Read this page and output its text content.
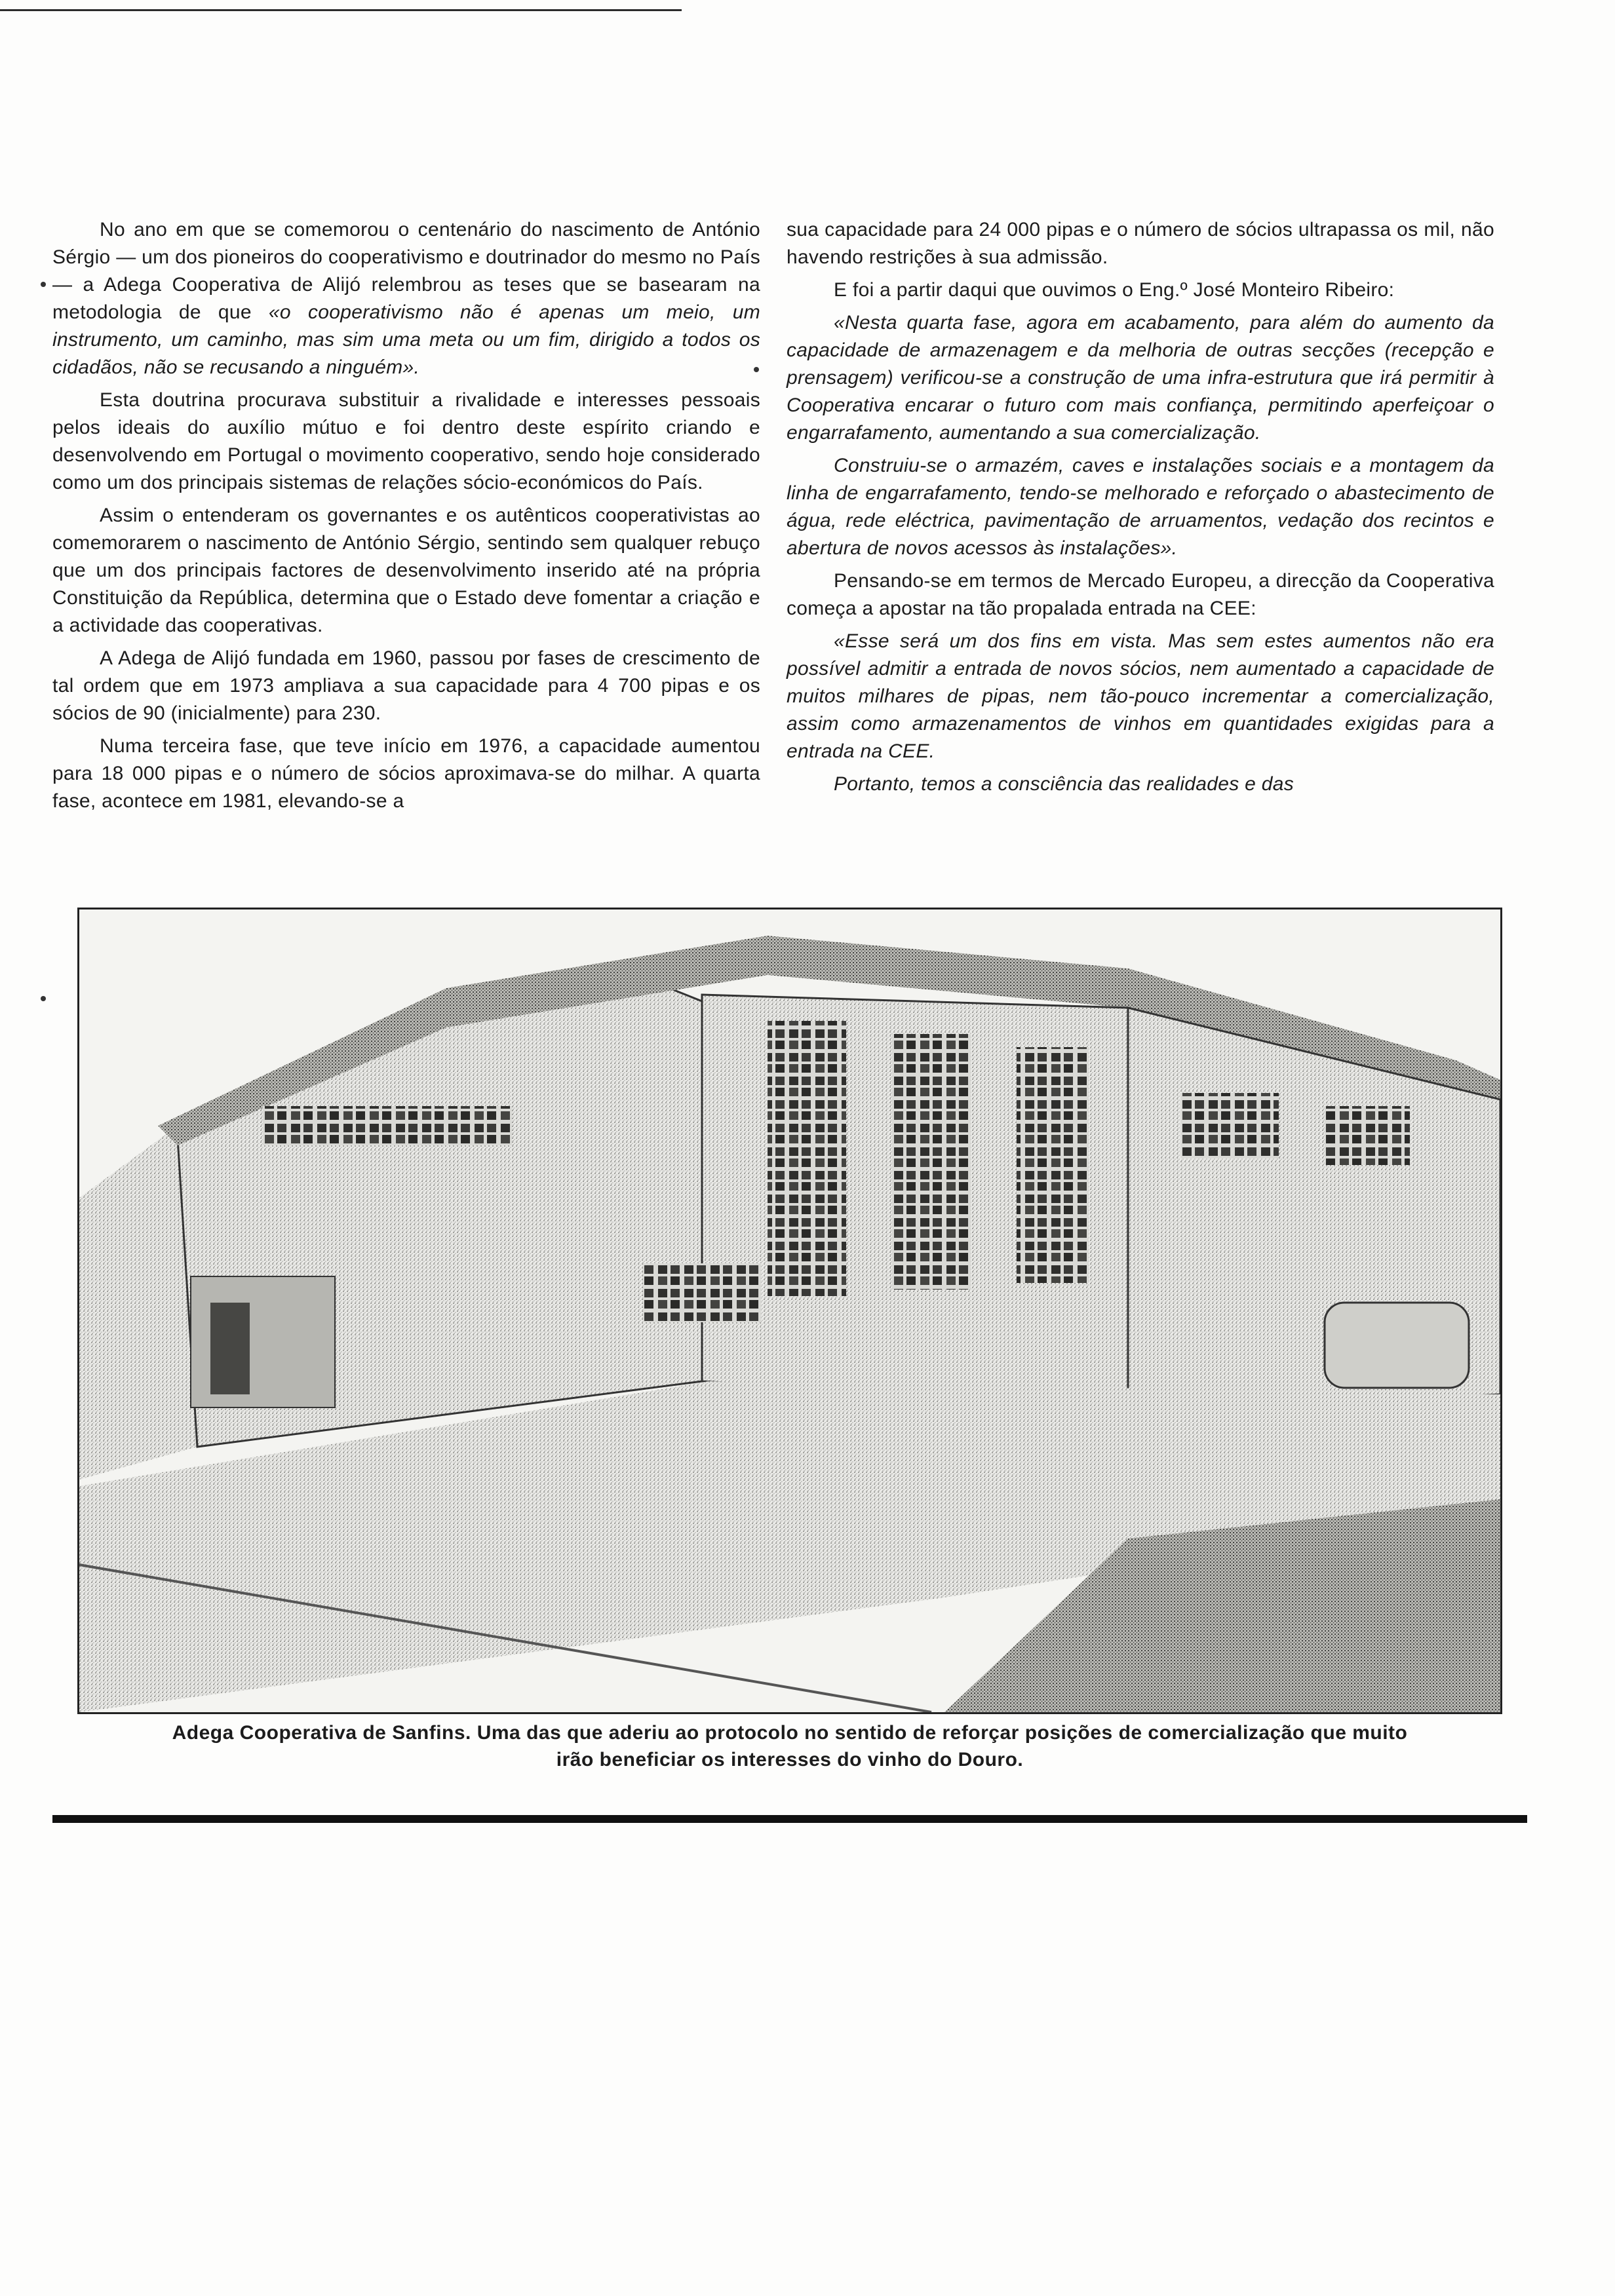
No ano em que se comemorou o centenário do nascimento de António Sérgio — um dos pioneiros do cooperativismo e doutrinador do mesmo no País — a Adega Cooperativa de Alijó relembrou as teses que se basearam na metodologia de que «o cooperativismo não é apenas um meio, um instrumento, um caminho, mas sim uma meta ou um fim, dirigido a todos os cidadãos, não se recusando a ninguém».

Esta doutrina procurava substituir a rivalidade e interesses pessoais pelos ideais do auxílio mútuo e foi dentro deste espírito criando e desenvolvendo em Portugal o movimento cooperativo, sendo hoje considerado como um dos principais sistemas de relações sócio-económicos do País.

Assim o entenderam os governantes e os autênticos cooperativistas ao comemorarem o nascimento de António Sérgio, sentindo sem qualquer rebuço que um dos principais factores de desenvolvimento inserido até na própria Constituição da República, determina que o Estado deve fomentar a criação e a actividade das cooperativas.

A Adega de Alijó fundada em 1960, passou por fases de crescimento de tal ordem que em 1973 ampliava a sua capacidade para 4 700 pipas e os sócios de 90 (inicialmente) para 230.

Numa terceira fase, que teve início em 1976, a capacidade aumentou para 18 000 pipas e o número de sócios aproximava-se do milhar. A quarta fase, acontece em 1981, elevando-se a

sua capacidade para 24 000 pipas e o número de sócios ultrapassa os mil, não havendo restrições à sua admissão.

E foi a partir daqui que ouvimos o Eng.º José Monteiro Ribeiro:

«Nesta quarta fase, agora em acabamento, para além do aumento da capacidade de armazenagem e da melhoria de outras secções (recepção e prensagem) verificou-se a construção de uma infra-estrutura que irá permitir à Cooperativa encarar o futuro com mais confiança, permitindo aperfeiçoar o engarrafamento, aumentando a sua comercialização.

Construiu-se o armazém, caves e instalações sociais e a montagem da linha de engarrafamento, tendo-se melhorado e reforçado o abastecimento de água, rede eléctrica, pavimentação de arruamentos, vedação dos recintos e abertura de novos acessos às instalações».

Pensando-se em termos de Mercado Europeu, a direcção da Cooperativa começa a apostar na tão propalada entrada na CEE:

«Esse será um dos fins em vista. Mas sem estes aumentos não era possível admitir a entrada de novos sócios, nem aumentado a capacidade de muitos milhares de pipas, nem tão-pouco incrementar a comercialização, assim como armazenamentos de vinhos em quantidades exigidas para a entrada na CEE.

Portanto, temos a consciência das realidades e das

Adega Cooperativa de Sanfins. Uma das que aderiu ao protocolo no sentido de reforçar posições de comercialização que muito irão beneficiar os interesses do vinho do Douro.
